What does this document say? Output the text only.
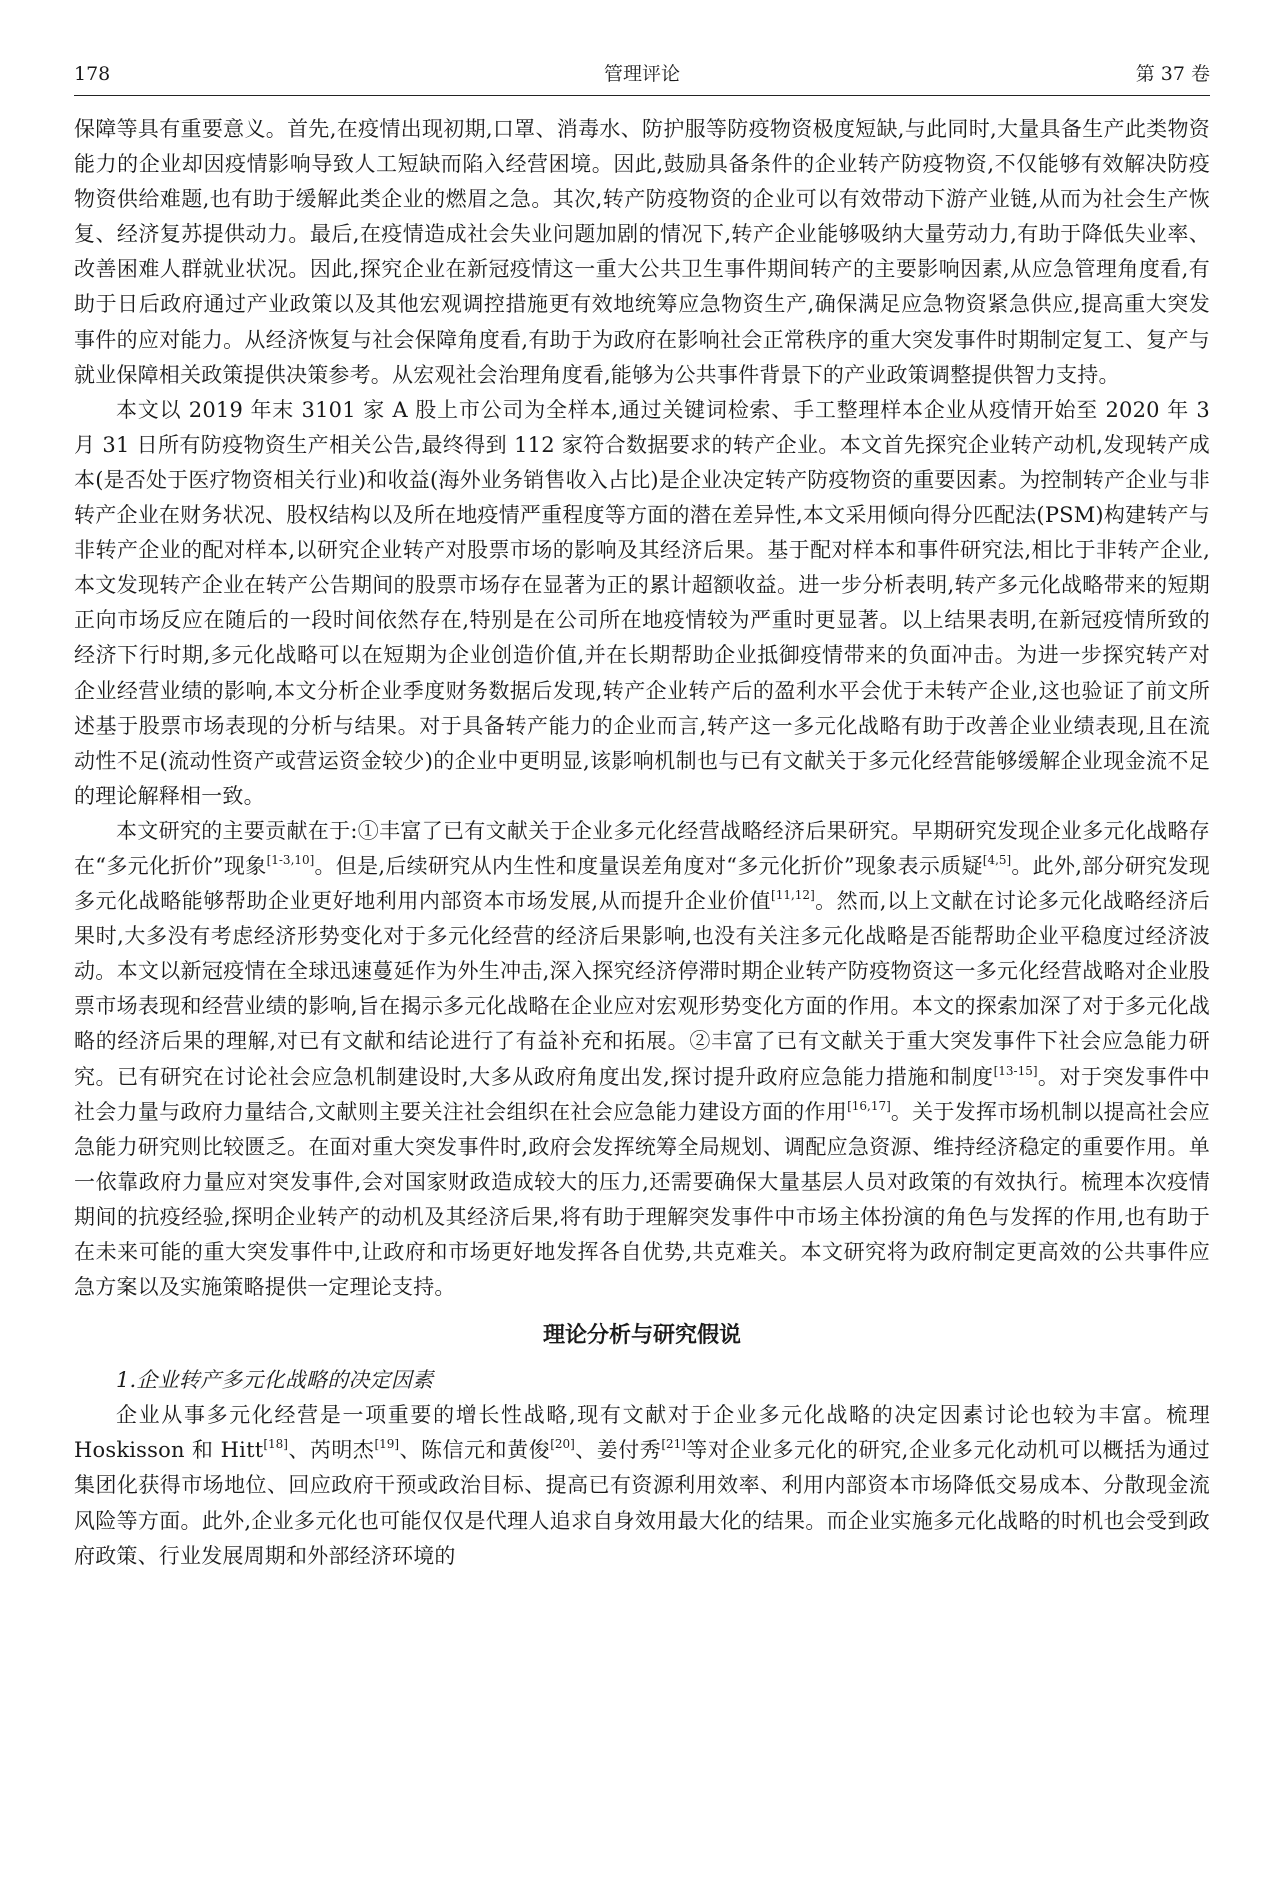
178	管理评论	第 37 卷

保障等具有重要意义。首先,在疫情出现初期,口罩、消毒水、防护服等防疫物资极度短缺,与此同时,大量具备生产此类物资能力的企业却因疫情影响导致人工短缺而陷入经营困境。因此,鼓励具备条件的企业转产防疫物资,不仅能够有效解决防疫物资供给难题,也有助于缓解此类企业的燃眉之急。其次,转产防疫物资的企业可以有效带动下游产业链,从而为社会生产恢复、经济复苏提供动力。最后,在疫情造成社会失业问题加剧的情况下,转产企业能够吸纳大量劳动力,有助于降低失业率、改善困难人群就业状况。因此,探究企业在新冠疫情这一重大公共卫生事件期间转产的主要影响因素,从应急管理角度看,有助于日后政府通过产业政策以及其他宏观调控措施更有效地统筹应急物资生产,确保满足应急物资紧急供应,提高重大突发事件的应对能力。从经济恢复与社会保障角度看,有助于为政府在影响社会正常秩序的重大突发事件时期制定复工、复产与就业保障相关政策提供决策参考。从宏观社会治理角度看,能够为公共事件背景下的产业政策调整提供智力支持。

本文以 2019 年末 3101 家 A 股上市公司为全样本,通过关键词检索、手工整理样本企业从疫情开始至 2020 年 3 月 31 日所有防疫物资生产相关公告,最终得到 112 家符合数据要求的转产企业。本文首先探究企业转产动机,发现转产成本(是否处于医疗物资相关行业)和收益(海外业务销售收入占比)是企业决定转产防疫物资的重要因素。为控制转产企业与非转产企业在财务状况、股权结构以及所在地疫情严重程度等方面的潜在差异性,本文采用倾向得分匹配法(PSM)构建转产与非转产企业的配对样本,以研究企业转产对股票市场的影响及其经济后果。基于配对样本和事件研究法,相比于非转产企业,本文发现转产企业在转产公告期间的股票市场存在显著为正的累计超额收益。进一步分析表明,转产多元化战略带来的短期正向市场反应在随后的一段时间依然存在,特别是在公司所在地疫情较为严重时更显著。以上结果表明,在新冠疫情所致的经济下行时期,多元化战略可以在短期为企业创造价值,并在长期帮助企业抵御疫情带来的负面冲击。为进一步探究转产对企业经营业绩的影响,本文分析企业季度财务数据后发现,转产企业转产后的盈利水平会优于未转产企业,这也验证了前文所述基于股票市场表现的分析与结果。对于具备转产能力的企业而言,转产这一多元化战略有助于改善企业业绩表现,且在流动性不足(流动性资产或营运资金较少)的企业中更明显,该影响机制也与已有文献关于多元化经营能够缓解企业现金流不足的理论解释相一致。

本文研究的主要贡献在于:①丰富了已有文献关于企业多元化经营战略经济后果研究。早期研究发现企业多元化战略存在“多元化折价”现象[1-3,10]。但是,后续研究从内生性和度量误差角度对“多元化折价”现象表示质疑[4,5]。此外,部分研究发现多元化战略能够帮助企业更好地利用内部资本市场发展,从而提升企业价值[11,12]。然而,以上文献在讨论多元化战略经济后果时,大多没有考虑经济形势变化对于多元化经营的经济后果影响,也没有关注多元化战略是否能帮助企业平稳度过经济波动。本文以新冠疫情在全球迅速蔓延作为外生冲击,深入探究经济停滞时期企业转产防疫物资这一多元化经营战略对企业股票市场表现和经营业绩的影响,旨在揭示多元化战略在企业应对宏观形势变化方面的作用。本文的探索加深了对于多元化战略的经济后果的理解,对已有文献和结论进行了有益补充和拓展。②丰富了已有文献关于重大突发事件下社会应急能力研究。已有研究在讨论社会应急机制建设时,大多从政府角度出发,探讨提升政府应急能力措施和制度[13-15]。对于突发事件中社会力量与政府力量结合,文献则主要关注社会组织在社会应急能力建设方面的作用[16,17]。关于发挥市场机制以提高社会应急能力研究则比较匮乏。在面对重大突发事件时,政府会发挥统筹全局规划、调配应急资源、维持经济稳定的重要作用。单一依靠政府力量应对突发事件,会对国家财政造成较大的压力,还需要确保大量基层人员对政策的有效执行。梳理本次疫情期间的抗疫经验,探明企业转产的动机及其经济后果,将有助于理解突发事件中市场主体扮演的角色与发挥的作用,也有助于在未来可能的重大突发事件中,让政府和市场更好地发挥各自优势,共克难关。本文研究将为政府制定更高效的公共事件应急方案以及实施策略提供一定理论支持。

理论分析与研究假说

1.企业转产多元化战略的决定因素

企业从事多元化经营是一项重要的增长性战略,现有文献对于企业多元化战略的决定因素讨论也较为丰富。梳理 Hoskisson 和 Hitt[18]、芮明杰[19]、陈信元和黄俊[20]、姜付秀[21]等对企业多元化的研究,企业多元化动机可以概括为通过集团化获得市场地位、回应政府干预或政治目标、提高已有资源利用效率、利用内部资本市场降低交易成本、分散现金流风险等方面。此外,企业多元化也可能仅仅是代理人追求自身效用最大化的结果。而企业实施多元化战略的时机也会受到政府政策、行业发展周期和外部经济环境的
